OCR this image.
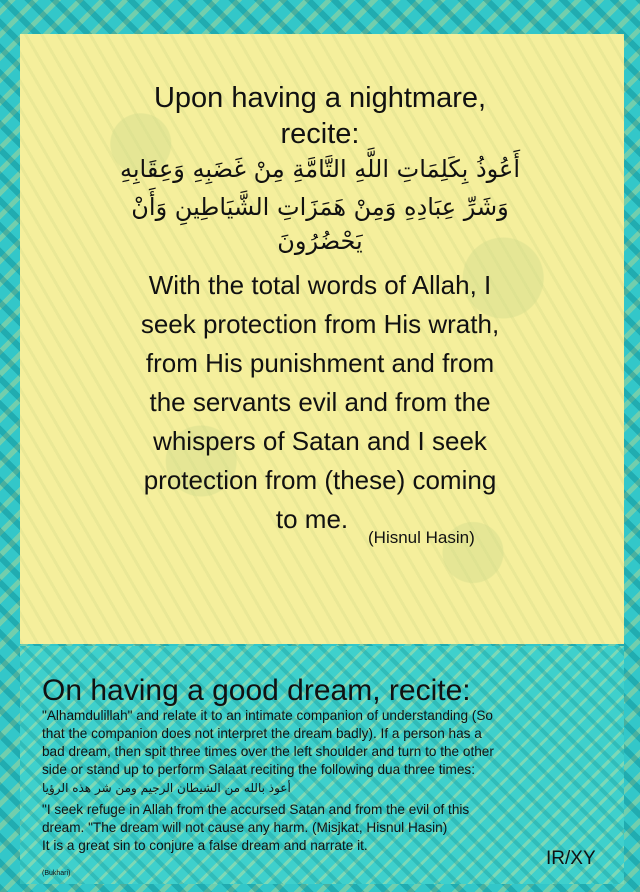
Upon having a nightmare,
recite:
أَعُوذُ بِكَلِمَاتِ اللَّهِ التَّامَّةِ مِنْ غَضَبِهِ وَعِقَابِهِ
وَشَرِّ عِبَادِهِ وَمِنْ هَمَزَاتِ الشَّيَاطِينِ وَأَنْ
يَحْضُرُونَ
With the total words of Allah, I
seek protection from His wrath,
from His punishment and from
the servants evil and from the
whispers of Satan and I seek
protection from (these) coming
to me.
(Hisnul Hasin)
On having a good dream, recite:
"Alhamdulillah" and relate it to an intimate companion of understanding (So
that the companion does not interpret the dream badly). If a person has a
bad dream, then spit three times over the left shoulder and turn to the other
side or stand up to perform Salaat reciting the following dua three times:
أعوذ بالله من الشيطان الرجيم ومن شر هذه الرؤيا
"I seek refuge in Allah from the accursed Satan and from the evil of this
dream. "The dream will not cause any harm. (Misjkat, Hisnul Hasin)
It is a great sin to conjure a false dream and narrate it.
IR/XY
(Bukhari)
